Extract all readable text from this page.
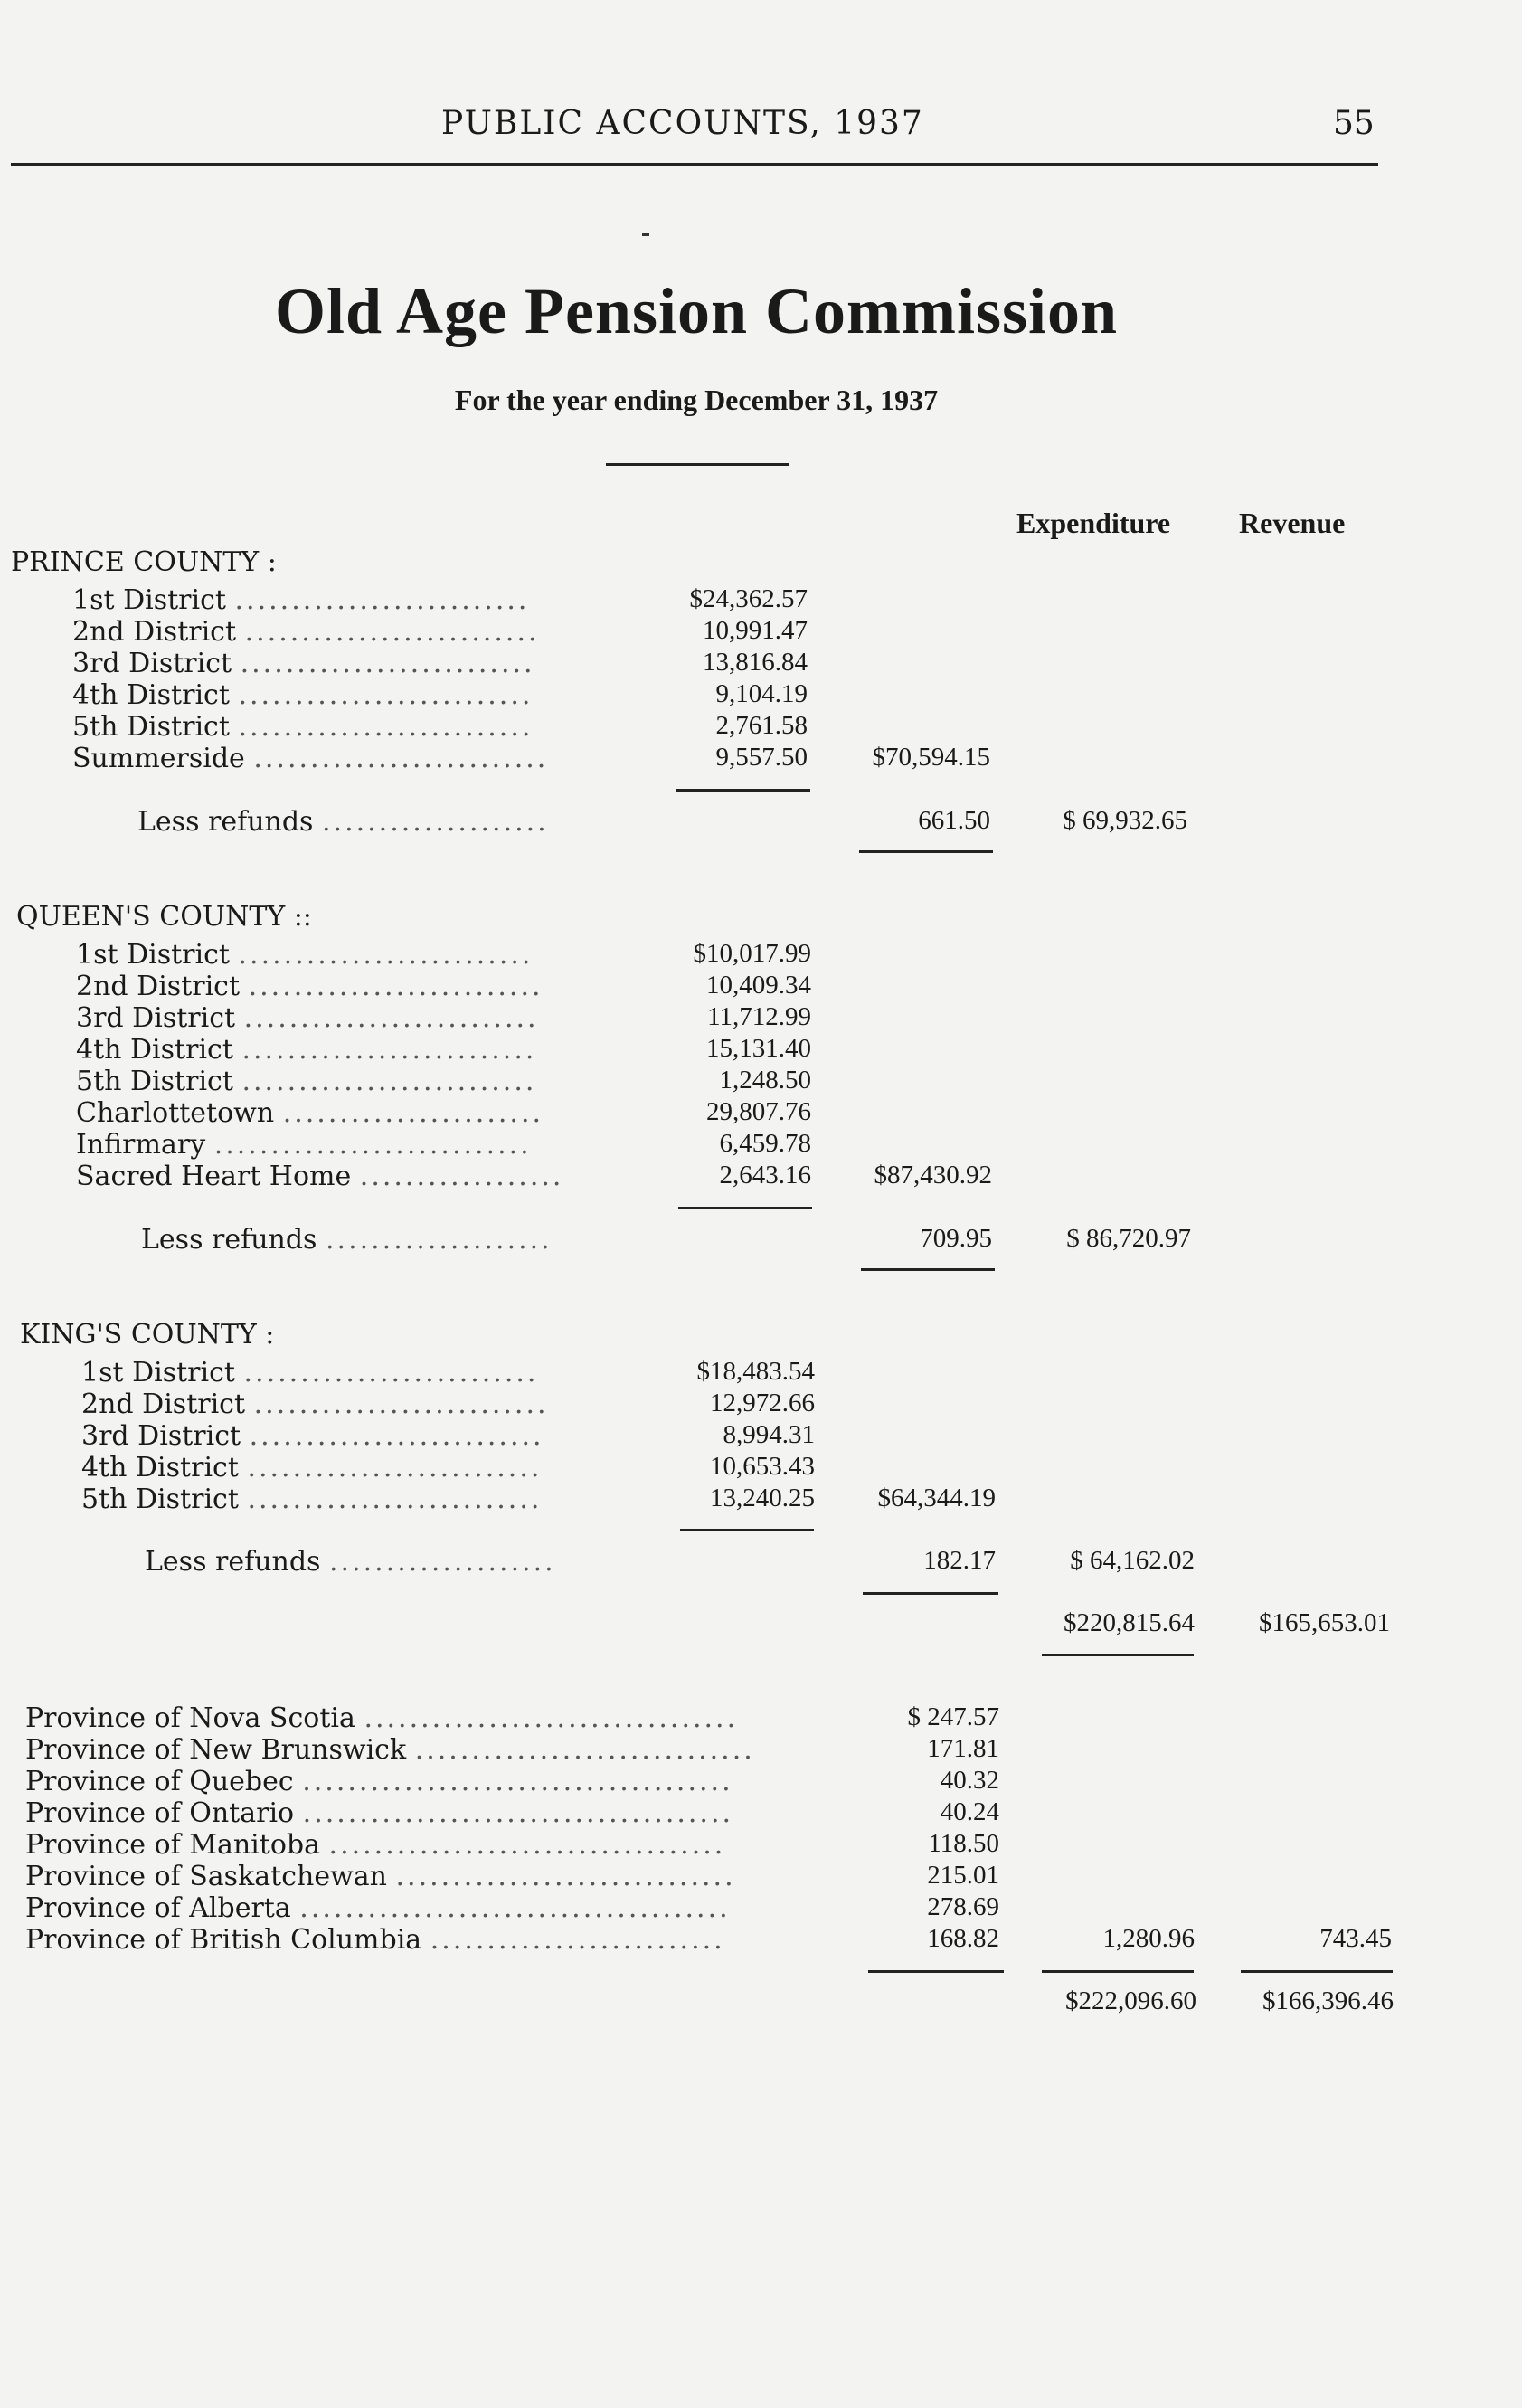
PUBLIC ACCOUNTS, 1937	55
Old Age Pension Commission
For the year ending December 31, 1937
Expenditure Revenue
PRINCE COUNTY :
1st District ..........................	$24,362.57
2nd District ..........................	10,991.47
3rd District ..........................	13,816.84
4th District ..........................	9,104.19
5th District ..........................	2,761.58
Summerside ..........................	9,557.50 $70,594.15
Less refunds ....................	661.50	$ 69,932.65
QUEEN'S COUNTY ::
1st District ..........................	$10,017.99
2nd District ..........................	10,409.34
3rd District ..........................	11,712.99
4th District ..........................	15,131.40
5th District ..........................	1,248.50
Charlottetown .......................	29,807.76
Infirmary ............................	6,459.78
Sacred Heart Home ..................	2,643.16 $87,430.92
Less refunds ....................	709.95	$ 86,720.97
KING'S COUNTY :
1st District ..........................	$18,483.54
2nd District ..........................	12,972.66
3rd District ..........................	8,994.31
4th District ..........................	10,653.43
5th District ..........................	13,240.25 $64,344.19
Less refunds ....................	182.17	$ 64,162.02
$220,815.64 $165,653.01
Province of Nova Scotia .................................	$ 247.57
Province of New Brunswick ..............................	171.81
Province of Quebec ......................................	40.32
Province of Ontario ......................................	40.24
Province of Manitoba ...................................	118.50
Province of Saskatchewan ..............................	215.01
Province of Alberta ......................................	278.69
Province of British Columbia ..........................	168.82	1,280.96	743.45
$222,096.60	$166,396.46
